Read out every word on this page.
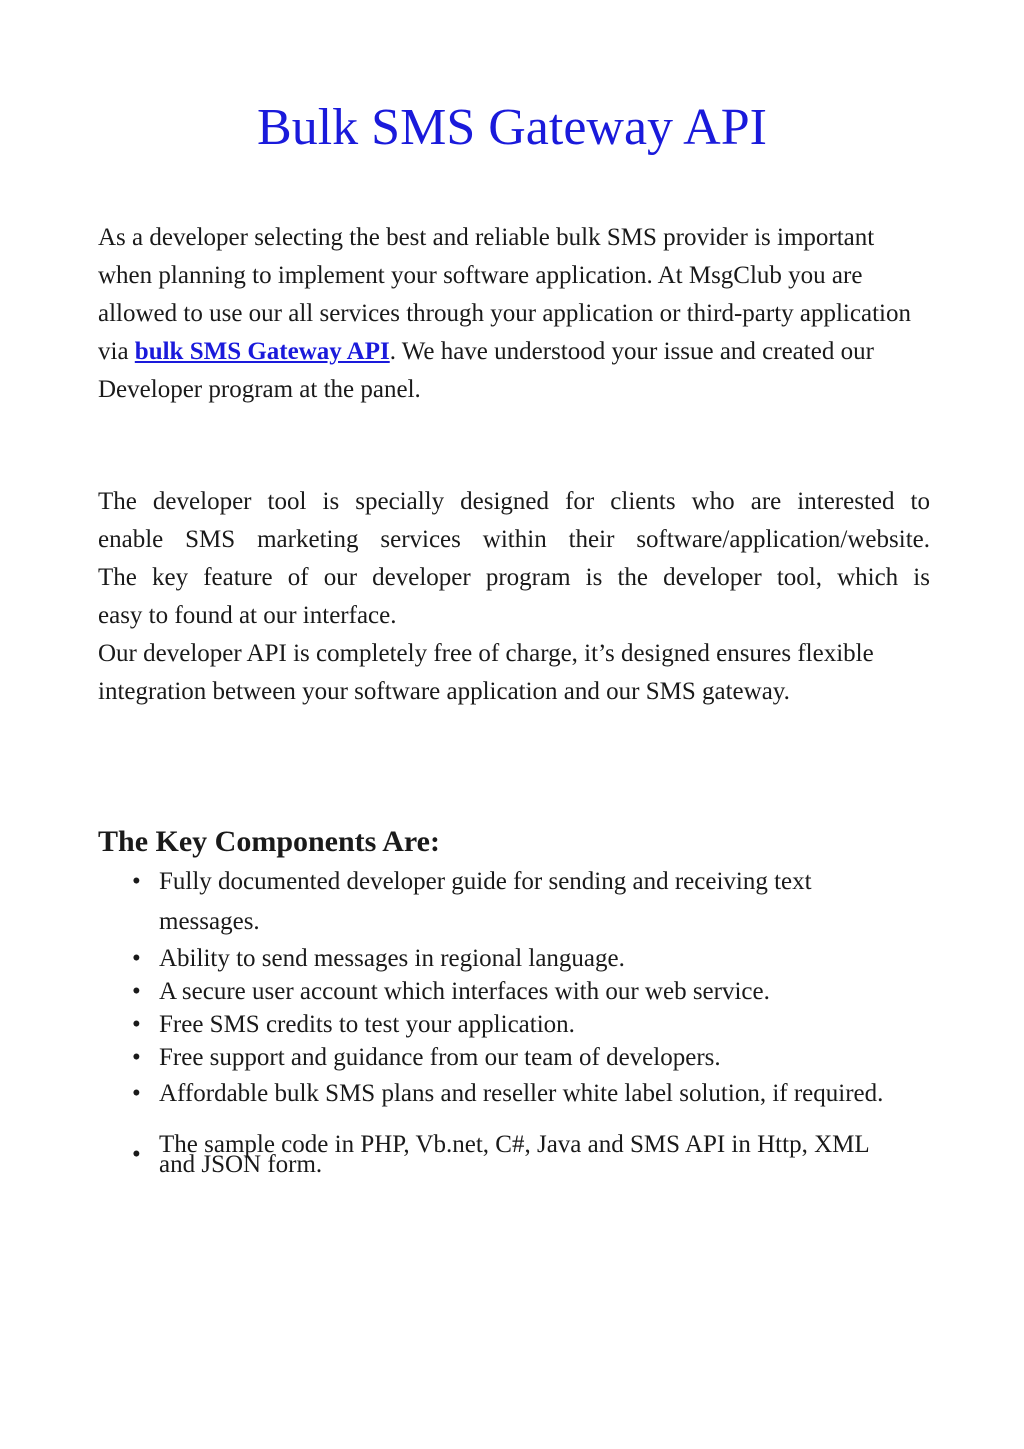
Bulk SMS Gateway API

As a developer selecting the best and reliable bulk SMS provider is important when planning to implement your software application. At MsgClub you are allowed to use our all services through your application or third-party application via bulk SMS Gateway API. We have understood your issue and created our Developer program at the panel.

The developer tool is specially designed for clients who are interested to
enable SMS marketing services within their software/application/website.
The key feature of our developer program is the developer tool, which is
easy to found at our interface.

Our developer API is completely free of charge, it’s designed ensures flexible integration between your software application and our SMS gateway.

The Key Components Are:
• Fully documented developer guide for sending and receiving text messages.
• Ability to send messages in regional language.
• A secure user account which interfaces with our web service.
• Free SMS credits to test your application.
• Free support and guidance from our team of developers.
• Affordable bulk SMS plans and reseller white label solution, if required.
• The sample code in PHP, Vb.net, C#, Java and SMS API in Http, XML and JSON form.
